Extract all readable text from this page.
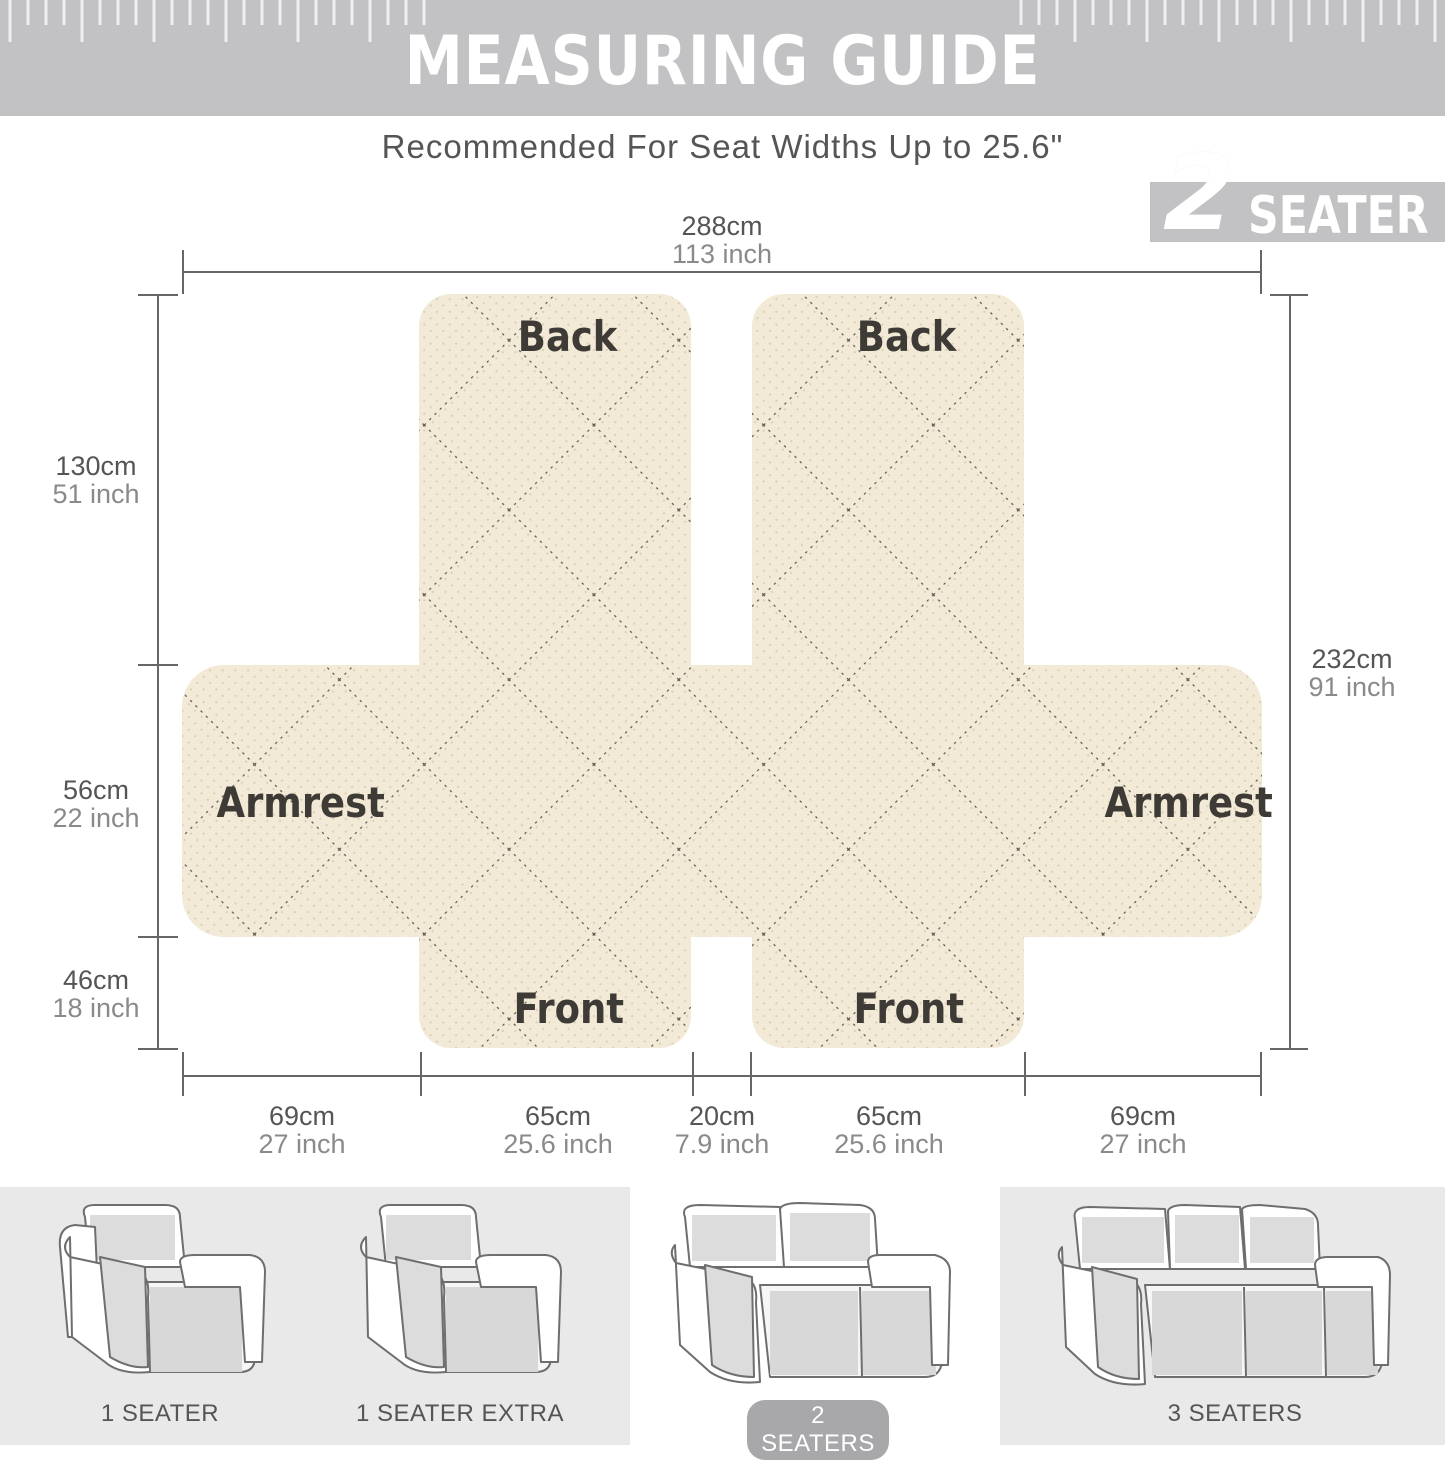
MEASURING GUIDE
Recommended For Seat Widths Up to 25.6" 2 SEATER
Back	Back
Armrest	Armrest
Front	Front
288cm
113 inch
130cm
51 inch
56cm
22 inch
46cm
18 inch
232cm
91 inch
69cm
27 inch
65cm
25.6 inch
20cm
7.9 inch
65cm
25.6 inch
69cm
27 inch
1 SEATER	1 SEATER EXTRA	2 SEATERS
3 SEATERS
